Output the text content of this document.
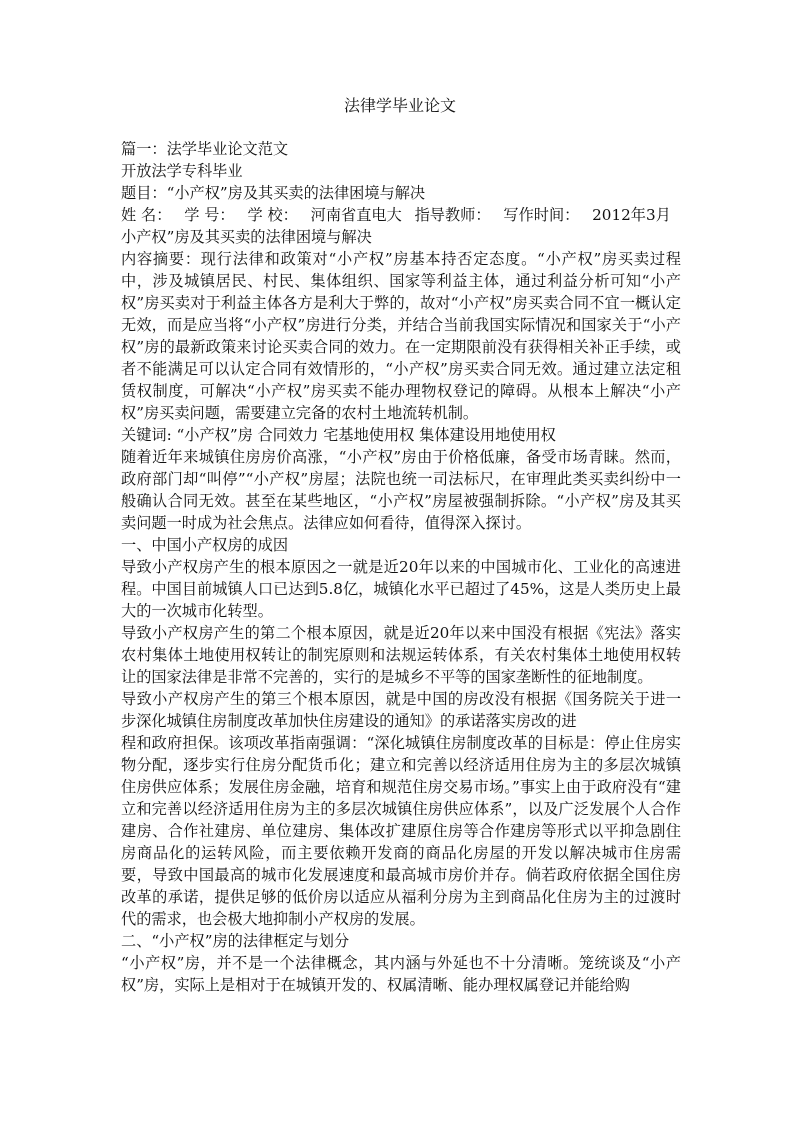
法律学毕业论文

篇一：法学毕业论文范文

开放法学专科毕业

题目：“小产权”房及其买卖的法律困境与解决

姓 名： 学 号： 学 校： 河南省直电大 指导教师： 写作时间： 2012年3月

小产权”房及其买卖的法律困境与解决

内容摘要：现行法律和政策对“小产权”房基本持否定态度。“小产权”房买卖过程中，涉及城镇居民、村民、集体组织、国家等利益主体，通过利益分析可知“小产权”房买卖对于利益主体各方是利大于弊的，故对“小产权”房买卖合同不宜一概认定无效，而是应当将“小产权”房进行分类，并结合当前我国实际情况和国家关于“小产权”房的最新政策来讨论买卖合同的效力。在一定期限前没有获得相关补正手续，或者不能满足可以认定合同有效情形的，“小产权”房买卖合同无效。通过建立法定租赁权制度，可解决“小产权”房买卖不能办理物权登记的障碍。从根本上解决“小产权”房买卖问题，需要建立完备的农村土地流转机制。

关键词: “小产权”房 合同效力 宅基地使用权 集体建设用地使用权

随着近年来城镇住房房价高涨，“小产权”房由于价格低廉，备受市场青睐。然而，政府部门却“叫停”“小产权”房屋；法院也统一司法标尺，在审理此类买卖纠纷中一般确认合同无效。甚至在某些地区，“小产权”房屋被强制拆除。“小产权”房及其买卖问题一时成为社会焦点。法律应如何看待，值得深入探讨。

一、中国小产权房的成因

导致小产权房产生的根本原因之一就是近20年以来的中国城市化、工业化的高速进程。中国目前城镇人口已达到5.8亿，城镇化水平已超过了45%，这是人类历史上最大的一次城市化转型。

导致小产权房产生的第二个根本原因，就是近20年以来中国没有根据《宪法》落实农村集体土地使用权转让的制宪原则和法规运转体系，有关农村集体土地使用权转让的国家法律是非常不完善的，实行的是城乡不平等的国家垄断性的征地制度。

导致小产权房产生的第三个根本原因，就是中国的房改没有根据《国务院关于进一步深化城镇住房制度改革加快住房建设的通知》的承诺落实房改的进

程和政府担保。该项改革指南强调：“深化城镇住房制度改革的目标是：停止住房实物分配，逐步实行住房分配货币化；建立和完善以经济适用住房为主的多层次城镇住房供应体系；发展住房金融，培育和规范住房交易市场。”事实上由于政府没有“建立和完善以经济适用住房为主的多层次城镇住房供应体系”，以及广泛发展个人合作建房、合作社建房、单位建房、集体改扩建原住房等合作建房等形式以平抑急剧住房商品化的运转风险，而主要依赖开发商的商品化房屋的开发以解决城市住房需要，导致中国最高的城市化发展速度和最高城市房价并存。倘若政府依据全国住房改革的承诺，提供足够的低价房以适应从福利分房为主到商品化住房为主的过渡时代的需求，也会极大地抑制小产权房的发展。

二、“小产权”房的法律框定与划分

“小产权”房，并不是一个法律概念，其内涵与外延也不十分清晰。笼统谈及“小产权”房，实际上是相对于在城镇开发的、权属清晰、能办理权属登记并能给购
